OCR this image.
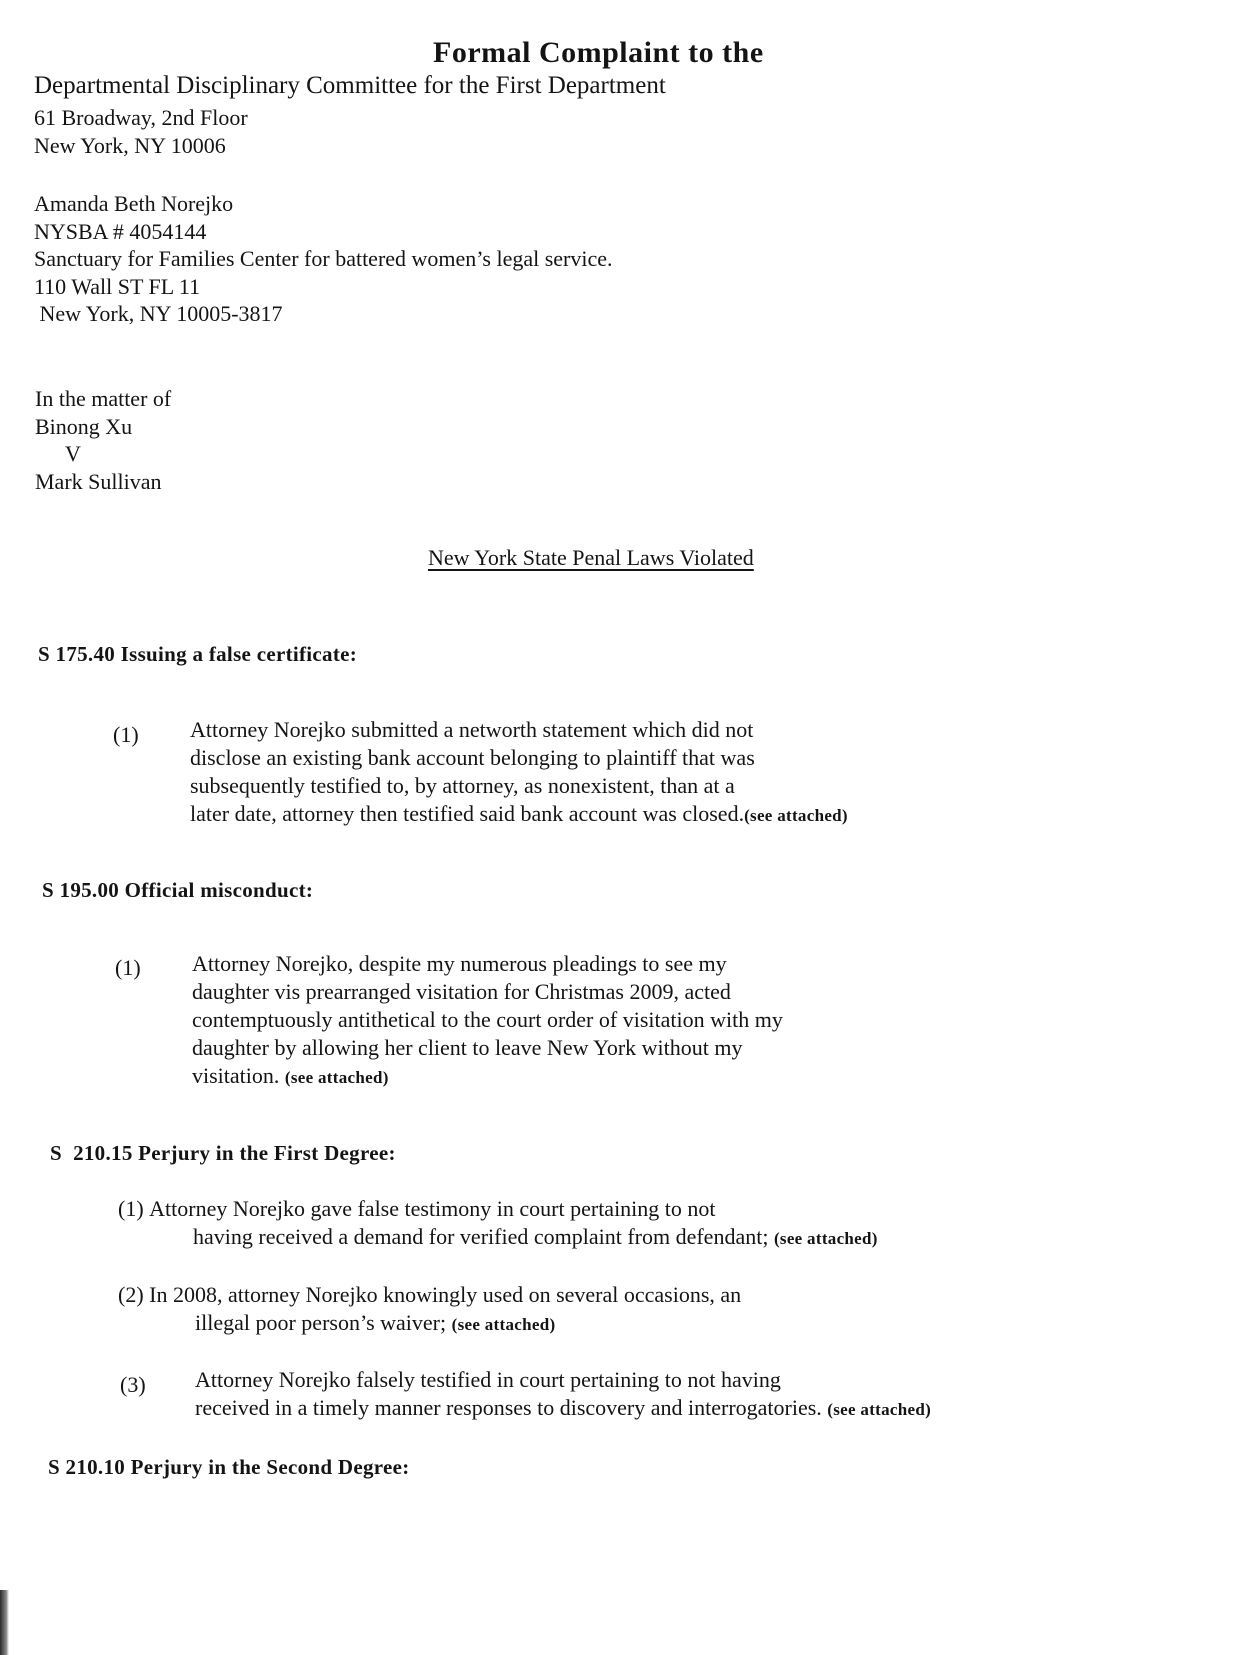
Formal Complaint to the
Departmental Disciplinary Committee for the First Department
61 Broadway, 2nd Floor
New York, NY 10006
Amanda Beth Norejko
NYSBA # 4054144
Sanctuary for Families Center for battered women’s legal service.
110 Wall ST FL 11
New York, NY 10005-3817
In the matter of
Binong Xu
V
Mark Sullivan
New York State Penal Laws Violated
S 175.40 Issuing a false certificate:
(1) Attorney Norejko submitted a networth statement which did not
disclose an existing bank account belonging to plaintiff that was
subsequently testified to, by attorney, as nonexistent, than at a
later date, attorney then testified said bank account was closed.(see attached)
S 195.00 Official misconduct:
(1) Attorney Norejko, despite my numerous pleadings to see my
daughter vis prearranged visitation for Christmas 2009, acted
contemptuously antithetical to the court order of visitation with my
daughter by allowing her client to leave New York without my
visitation. (see attached)
S  210.15 Perjury in the First Degree:
(1) Attorney Norejko gave false testimony in court pertaining to not
having received a demand for verified complaint from defendant; (see attached)
(2) In 2008, attorney Norejko knowingly used on several occasions, an
illegal poor person’s waiver; (see attached)
(3) Attorney Norejko falsely testified in court pertaining to not having
received in a timely manner responses to discovery and interrogatories. (see attached)
S 210.10 Perjury in the Second Degree:
